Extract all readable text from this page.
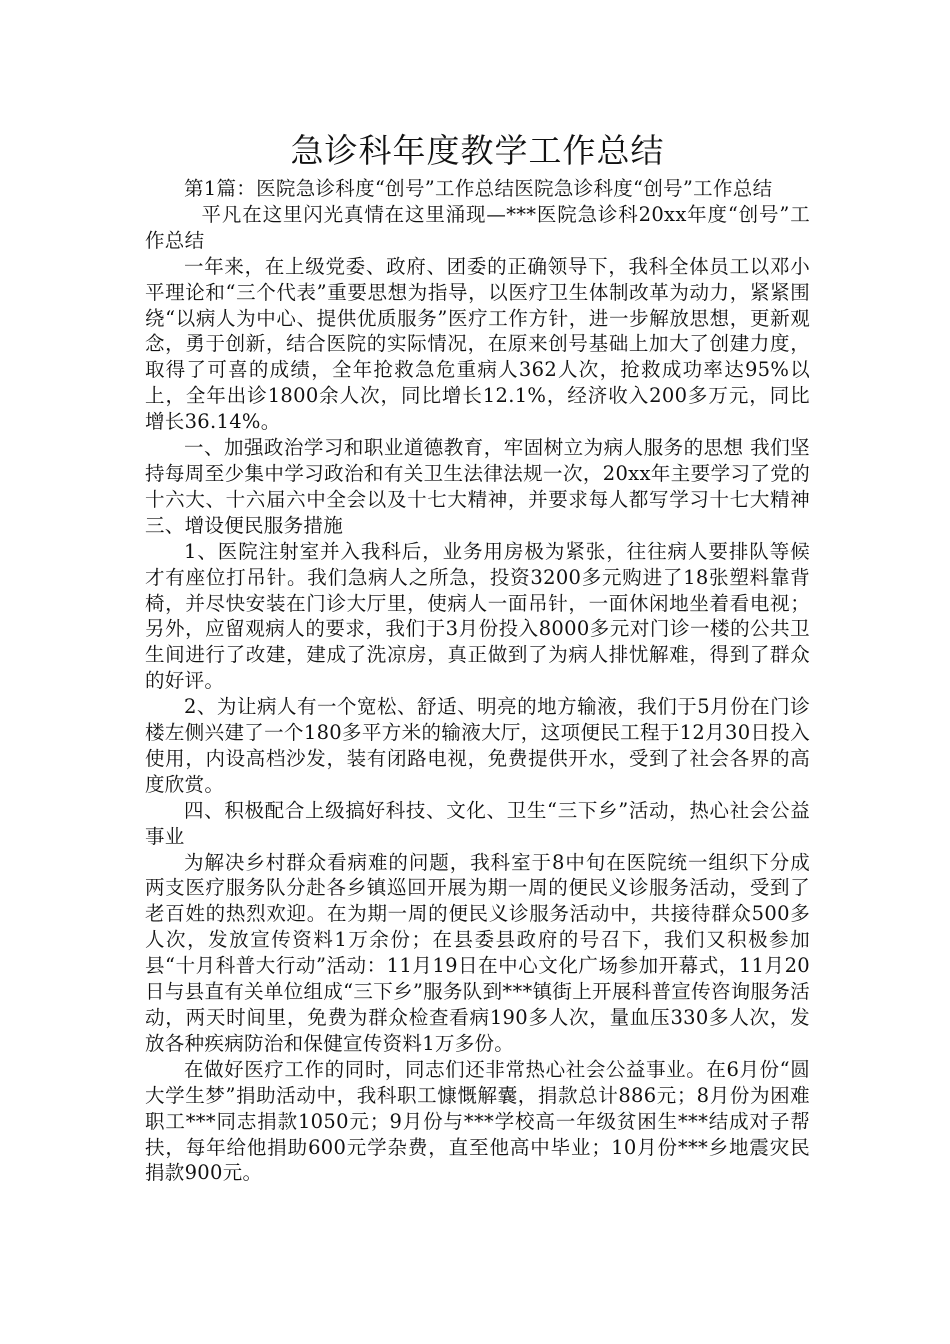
急诊科年度教学工作总结

第1篇：医院急诊科度“创号”工作总结医院急诊科度“创号”工作总结

平凡在这里闪光真情在这里涌现—***医院急诊科20xx年度“创号”工作总结

一年来，在上级党委、政府、团委的正确领导下，我科全体员工以邓小平理论和“三个代表”重要思想为指导，以医疗卫生体制改革为动力，紧紧围绕“以病人为中心、提供优质服务”医疗工作方针，进一步解放思想，更新观念，勇于创新，结合医院的实际情况，在原来创号基础上加大了创建力度，取得了可喜的成绩，全年抢救急危重病人362人次，抢救成功率达95%以上，全年出诊1800余人次，同比增长12.1%，经济收入200多万元，同比增长36.14%。

一、加强政治学习和职业道德教育，牢固树立为病人服务的思想 我们坚持每周至少集中学习政治和有关卫生法律法规一次，20xx年主要学习了党的十六大、十六届六中全会以及十七大精神，并要求每人都写学习十七大精神三、增设便民服务措施

1、医院注射室并入我科后，业务用房极为紧张，往往病人要排队等候才有座位打吊针。我们急病人之所急，投资3200多元购进了18张塑料靠背椅，并尽快安装在门诊大厅里，使病人一面吊针，一面休闲地坐着看电视；另外，应留观病人的要求，我们于3月份投入8000多元对门诊一楼的公共卫生间进行了改建，建成了洗凉房，真正做到了为病人排忧解难，得到了群众的好评。

2、为让病人有一个宽松、舒适、明亮的地方输液，我们于5月份在门诊楼左侧兴建了一个180多平方米的输液大厅，这项便民工程于12月30日投入使用，内设高档沙发，装有闭路电视，免费提供开水，受到了社会各界的高度欣赏。

四、积极配合上级搞好科技、文化、卫生“三下乡”活动，热心社会公益事业

为解决乡村群众看病难的问题，我科室于8中旬在医院统一组织下分成两支医疗服务队分赴各乡镇巡回开展为期一周的便民义诊服务活动，受到了老百姓的热烈欢迎。在为期一周的便民义诊服务活动中，共接待群众500多人次，发放宣传资料1万余份；在县委县政府的号召下，我们又积极参加县“十月科普大行动”活动：11月19日在中心文化广场参加开幕式，11月20日与县直有关单位组成“三下乡”服务队到***镇街上开展科普宣传咨询服务活动，两天时间里，免费为群众检查看病190多人次，量血压330多人次，发放各种疾病防治和保健宣传资料1万多份。

在做好医疗工作的同时，同志们还非常热心社会公益事业。在6月份“圆大学生梦”捐助活动中，我科职工慷慨解囊，捐款总计886元；8月份为困难职工***同志捐款1050元；9月份与***学校高一年级贫困生***结成对子帮扶，每年给他捐助600元学杂费，直至他高中毕业；10月份***乡地震灾民捐款900元。
